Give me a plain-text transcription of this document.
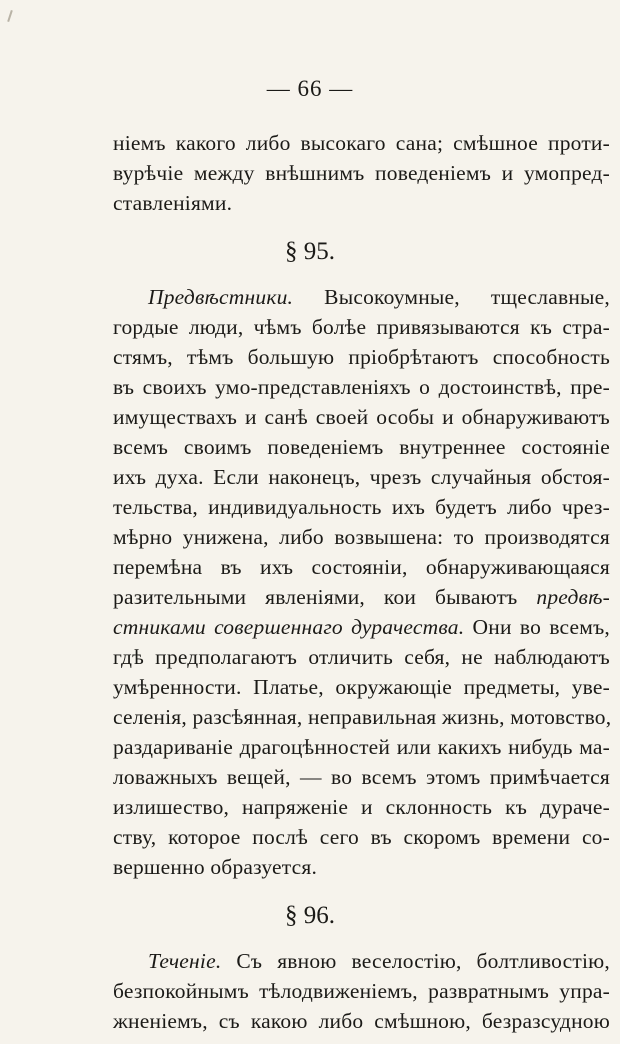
— 66 —
ніемъ какого либо высокаго сана; смѣшное проти-
вурѣчіе между внѣшнимъ поведеніемъ и умопред-
ставленіями.
§ 95.
Предвѣстники. Высокоумные, тщеславные,
гордые люди, чѣмъ болѣе привязываются къ стра-
стямъ, тѣмъ большую пріобрѣтаютъ способность
въ своихъ умо-представленіяхъ о достоинствѣ, пре-
имуществахъ и санѣ своей особы и обнаруживаютъ
всемъ своимъ поведеніемъ внутреннее состояніе
ихъ духа. Если наконецъ, чрезъ случайныя обстоя-
тельства, индивидуальность ихъ будетъ либо чрез-
мѣрно унижена, либо возвышена: то производятся
перемѣна въ ихъ состояніи, обнаруживающаяся
разительными явленіями, кои бываютъ предвѣ-
стниками совершеннаго дурачества. Они во всемъ,
гдѣ предполагаютъ отличить себя, не наблюдаютъ
умѣренности. Платье, окружающіе предметы, уве-
селенія, разсѣянная, неправильная жизнь, мотовство,
раздариваніе драгоцѣнностей или какихъ нибудь ма-
ловажныхъ вещей, — во всемъ этомъ примѣчается
излишество, напряженіе и склонность къ дураче-
ству, которое послѣ сего въ скоромъ времени со-
вершенно образуется.
§ 96.
Теченіе. Съ явною веселостію, болтливостію,
безпокойнымъ тѣлодвиженіемъ, развратнымъ упра-
жненіемъ, съ какою либо смѣшною, безразсудною
